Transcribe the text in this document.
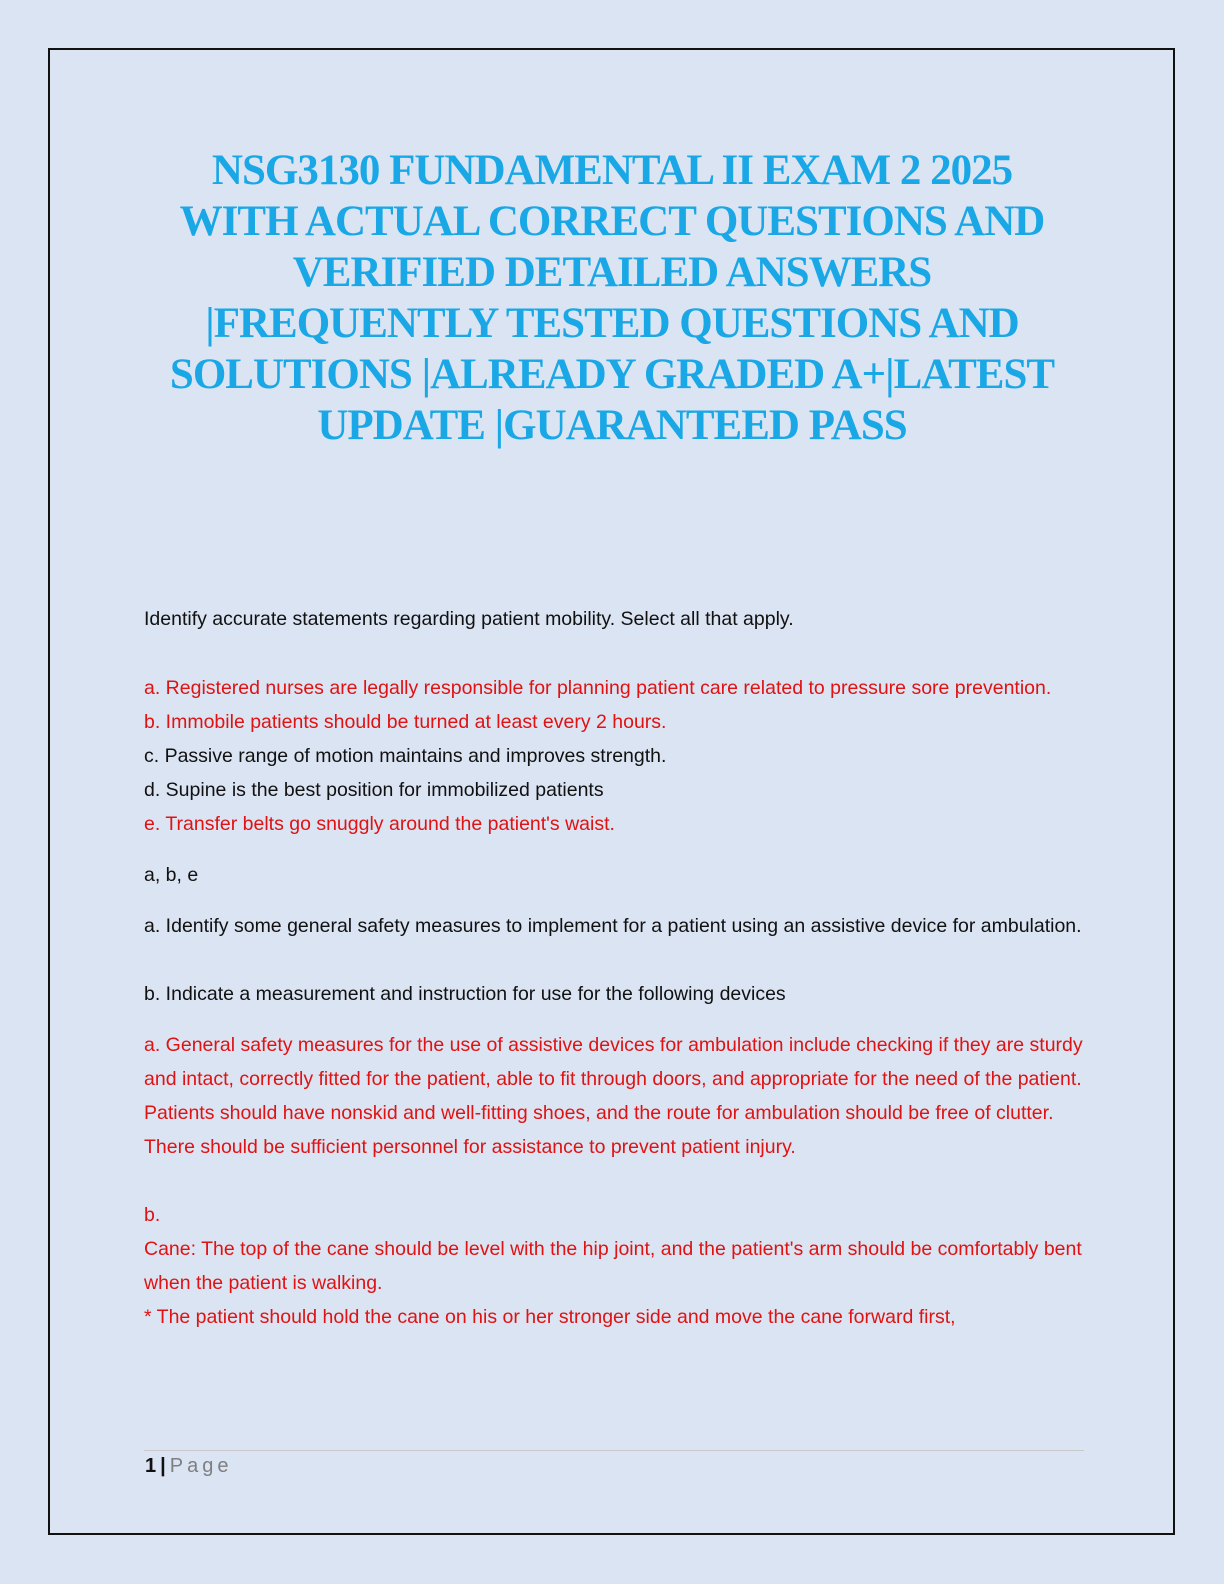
NSG3130 FUNDAMENTAL II EXAM 2 2025
WITH ACTUAL CORRECT QUESTIONS AND
VERIFIED DETAILED ANSWERS
|FREQUENTLY TESTED QUESTIONS AND
SOLUTIONS |ALREADY GRADED A+|LATEST
UPDATE |GUARANTEED PASS

Identify accurate statements regarding patient mobility. Select all that apply.

a. Registered nurses are legally responsible for planning patient care related to pressure sore prevention.

b. Immobile patients should be turned at least every 2 hours.

c. Passive range of motion maintains and improves strength.

d. Supine is the best position for immobilized patients

e. Transfer belts go snuggly around the patient's waist.

a, b, e

a. Identify some general safety measures to implement for a patient using an assistive device for ambulation.

b. Indicate a measurement and instruction for use for the following devices

a. General safety measures for the use of assistive devices for ambulation include checking if they are sturdy and intact, correctly fitted for the patient, able to fit through doors, and appropriate for the need of the patient. Patients should have nonskid and well-fitting shoes, and the route for ambulation should be free of clutter. There should be sufficient personnel for assistance to prevent patient injury.

b.

Cane: The top of the cane should be level with the hip joint, and the patient's arm should be comfortably bent when the patient is walking.

* The patient should hold the cane on his or her stronger side and move the cane forward first,

1 | Page
